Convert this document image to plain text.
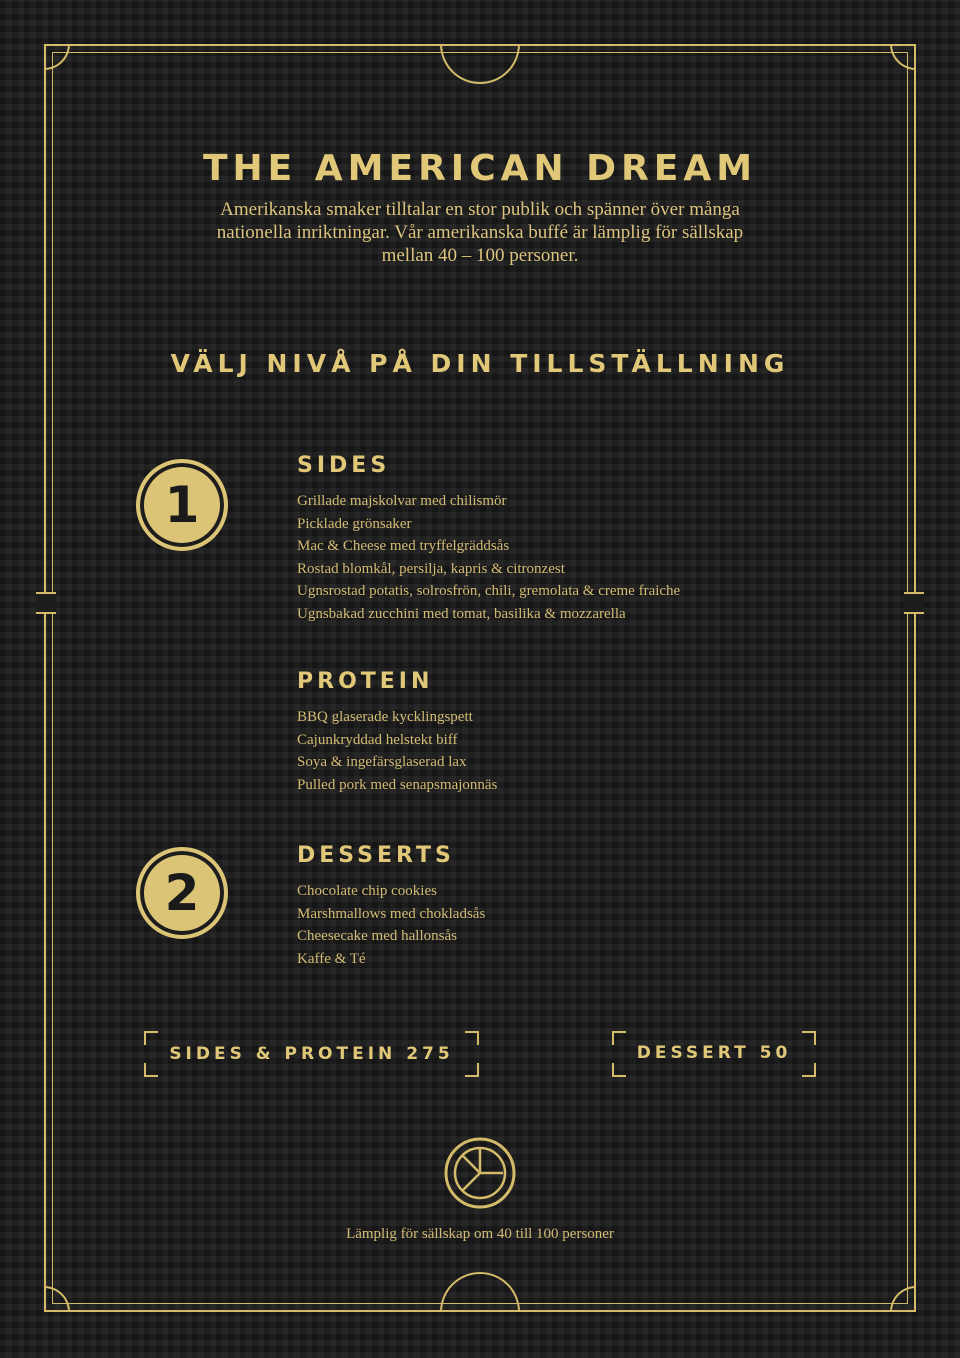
THE AMERICAN DREAM
Amerikanska smaker tilltalar en stor publik och spänner över många nationella inriktningar. Vår amerikanska buffé är lämplig för sällskap mellan 40 – 100 personer.
VÄLJ NIVÅ PÅ DIN TILLSTÄLLNING
1
2
SIDES
Grillade majskolvar med chilismör
Picklade grönsaker
Mac & Cheese med tryffelgräddsås
Rostad blomkål, persilja, kapris & citronzest
Ugnsrostad potatis, solrosfrön, chili, gremolata & creme fraiche
Ugnsbakad zucchini med tomat, basilika & mozzarella
PROTEIN
BBQ glaserade kycklingspett
Cajunkryddad helstekt biff
Soya & ingefärsglaserad lax
Pulled pork med senapsmajonnäs
DESSERTS
Chocolate chip cookies
Marshmallows med chokladsås
Cheesecake med hallonsås
Kaffe & Té
SIDES & PROTEIN 275	DESSERT 50
Lämplig för sällskap om 40 till 100 personer
